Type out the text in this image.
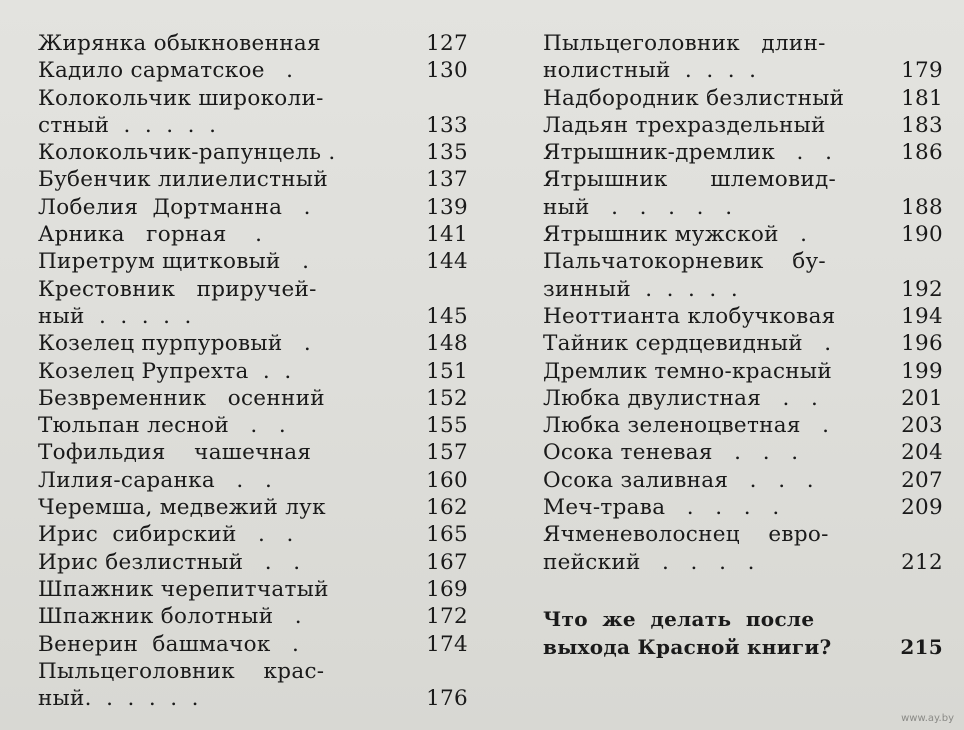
Жирянка обыкновенная	127
Кадило сарматское   .	130
Колокольчик широколи-
стный  .  .  .  .  .	133
Колокольчик-рапунцель .	135
Бубенчик лилиелистный	137
Лобелия  Дортманна   .	139
Арника   горная    .	141
Пиретрум щитковый   .	144
Крестовник   приручей-
ный  .  .  .  .  .	145
Козелец пурпуровый   .	148
Козелец Рупрехта  .  .	151
Безвременник   осенний	152
Тюльпан лесной   .   .	155
Тофильдия    чашечная	157
Лилия-саранка   .   .	160
Черемша, медвежий лук	162
Ирис  сибирский   .   .	165
Ирис безлистный   .   .	167
Шпажник черепитчатый	169
Шпажник болотный   .	172
Венерин  башмачок   .	174
Пыльцеголовник    крас-
ный.  .  .  .  .  .	176
Пыльцеголовник   длин-
нолистный  .  .  .  .	179
Надбородник безлистный	181
Ладьян трехраздельный	183
Ятрышник-дремлик   .   .	186
Ятрышник      шлемовид-
ный   .   .   .   .   .	188
Ятрышник мужской   .	190
Пальчатокорневик    бу-
зинный  .  .  .  .  .	192
Неоттианта клобучковая	194
Тайник сердцевидный   .	196
Дремлик темно-красный	199
Любка двулистная   .   .	201
Любка зеленоцветная   .	203
Осока теневая   .   .   .	204
Осока заливная   .   .   .	207
Меч-трава   .   .   .   .	209
Ячменеволоснец    евро-
пейский   .   .   .   .	212
Что  же  делать  после
выхода Красной книги?	215
www.ay.by
